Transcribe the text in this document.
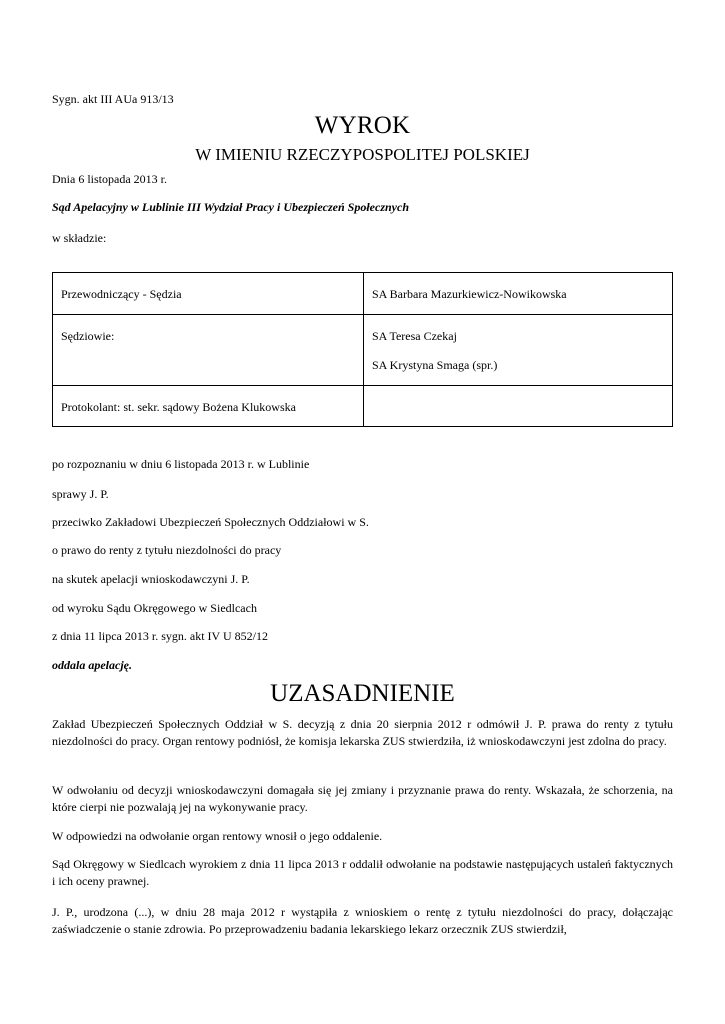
Sygn. akt III AUa 913/13
WYROK
W IMIENIU RZECZYPOSPOLITEJ POLSKIEJ
Dnia 6 listopada 2013 r.
Sąd Apelacyjny w Lublinie III Wydział Pracy i Ubezpieczeń Społecznych
w składzie:
Przewodniczący - Sędzia	SA Barbara Mazurkiewicz-Nowikowska

Sędziowie:	SA Teresa Czekaj
SA Krystyna Smaga (spr.)

Protokolant: st. sekr. sądowy Bożena Klukowska	

po rozpoznaniu w dniu 6 listopada 2013 r. w Lublinie
sprawy J. P.
przeciwko Zakładowi Ubezpieczeń Społecznych Oddziałowi w S.
o prawo do renty z tytułu niezdolności do pracy
na skutek apelacji wnioskodawczyni J. P.
od wyroku Sądu Okręgowego w Siedlcach
z dnia 11 lipca 2013 r. sygn. akt IV U 852/12
oddala apelację.
UZASADNIENIE
Zakład Ubezpieczeń Społecznych Oddział w S. decyzją z dnia 20 sierpnia 2012 r odmówił J. P. prawa do renty z tytułu niezdolności do pracy. Organ rentowy podniósł, że komisja lekarska ZUS stwierdziła, iż wnioskodawczyni jest zdolna do pracy.
W odwołaniu od decyzji wnioskodawczyni domagała się jej zmiany i przyznanie prawa do renty. Wskazała, że schorzenia, na które cierpi nie pozwalają jej na wykonywanie pracy.
W odpowiedzi na odwołanie organ rentowy wnosił o jego oddalenie.
Sąd Okręgowy w Siedlcach wyrokiem z dnia 11 lipca 2013 r oddalił odwołanie na podstawie następujących ustaleń faktycznych i ich oceny prawnej.
J. P., urodzona (...), w dniu 28 maja 2012 r wystąpiła z wnioskiem o rentę z tytułu niezdolności do pracy, dołączając zaświadczenie o stanie zdrowia. Po przeprowadzeniu badania lekarskiego lekarz orzecznik ZUS stwierdził,
